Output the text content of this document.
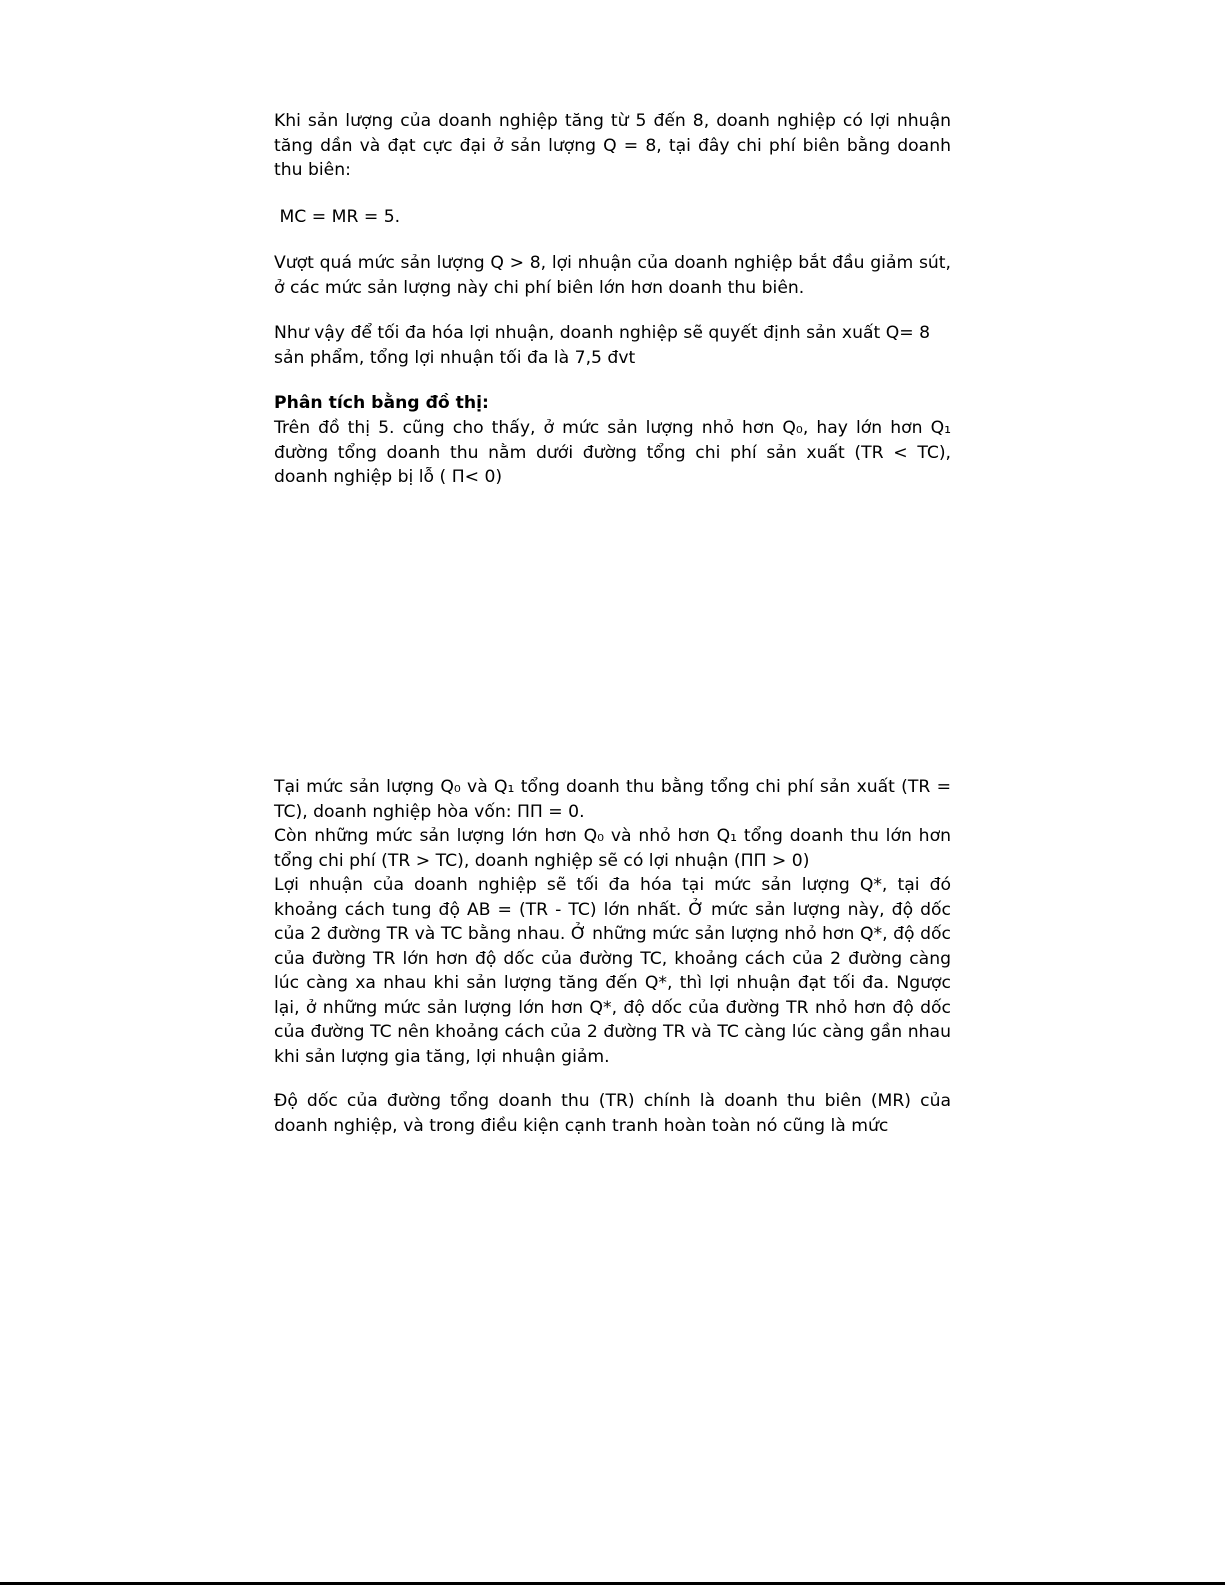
Khi sản lượng của doanh nghiệp tăng từ 5 đến 8, doanh nghiệp có lợi nhuận tăng dần và đạt cực đại ở sản lượng Q = 8, tại đây chi phí biên bằng doanh thu biên:

MC = MR = 5.

Vượt quá mức sản lượng Q > 8, lợi nhuận của doanh nghiệp bắt đầu giảm sút, ở các mức sản lượng này chi phí biên lớn hơn doanh thu biên.

Như vậy để tối đa hóa lợi nhuận, doanh nghiệp sẽ quyết định sản xuất Q= 8 sản phẩm, tổng lợi nhuận tối đa là 7,5 đvt

Phân tích bằng đồ thị:

Trên đồ thị 5. cũng cho thấy, ở mức sản lượng nhỏ hơn Q₀, hay lớn hơn Q₁ đường tổng doanh thu nằm dưới đường tổng chi phí sản xuất (TR < TC), doanh nghiệp bị lỗ ( Π< 0)

Tại mức sản lượng Q₀ và Q₁ tổng doanh thu bằng tổng chi phí sản xuất (TR = TC), doanh nghiệp hòa vốn: ΠΠ = 0.

Còn những mức sản lượng lớn hơn Q₀ và nhỏ hơn Q₁ tổng doanh thu lớn hơn tổng chi phí (TR > TC), doanh nghiệp sẽ có lợi nhuận (ΠΠ > 0)

Lợi nhuận của doanh nghiệp sẽ tối đa hóa tại mức sản lượng Q*, tại đó khoảng cách tung độ AB = (TR - TC) lớn nhất. Ở mức sản lượng này, độ dốc của 2 đường TR và TC bằng nhau. Ở những mức sản lượng nhỏ hơn Q*, độ dốc của đường TR lớn hơn độ dốc của đường TC, khoảng cách của 2 đường càng lúc càng xa nhau khi sản lượng tăng đến Q*, thì lợi nhuận đạt tối đa. Ngược lại, ở những mức sản lượng lớn hơn Q*, độ dốc của đường TR nhỏ hơn độ dốc của đường TC nên khoảng cách của 2 đường TR và TC càng lúc càng gần nhau khi sản lượng gia tăng, lợi nhuận giảm.

Độ dốc của đường tổng doanh thu (TR) chính là doanh thu biên (MR) của doanh nghiệp, và trong điều kiện cạnh tranh hoàn toàn nó cũng là mức
